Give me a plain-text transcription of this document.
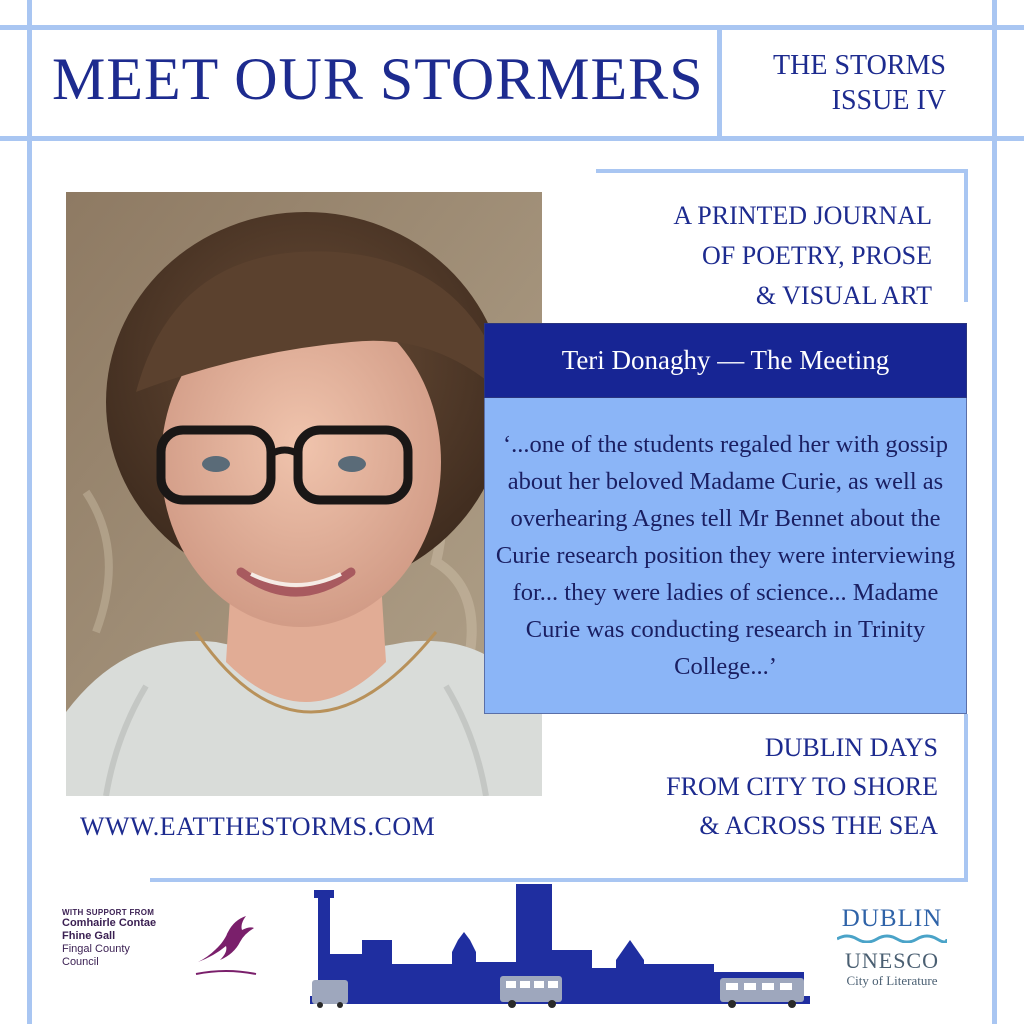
MEET OUR STORMERS	THE STORMS
ISSUE IV
A PRINTED JOURNAL
OF POETRY, PROSE
& VISUAL ART
Teri Donaghy — The Meeting
‘...one of the students regaled her with gossip about her beloved Madame Curie, as well as overhearing Agnes tell Mr Bennet about the Curie research position they were interviewing for... they were ladies of science... Madame Curie was conducting research in Trinity College...’
DUBLIN DAYS
FROM CITY TO SHORE
& ACROSS THE SEA
WWW.EATTHESTORMS.COM
WITH SUPPORT FROM
Comhairle Contae
Fhine Gall
Fingal County
Council
DUBLIN
UNESCO
City of Literature
